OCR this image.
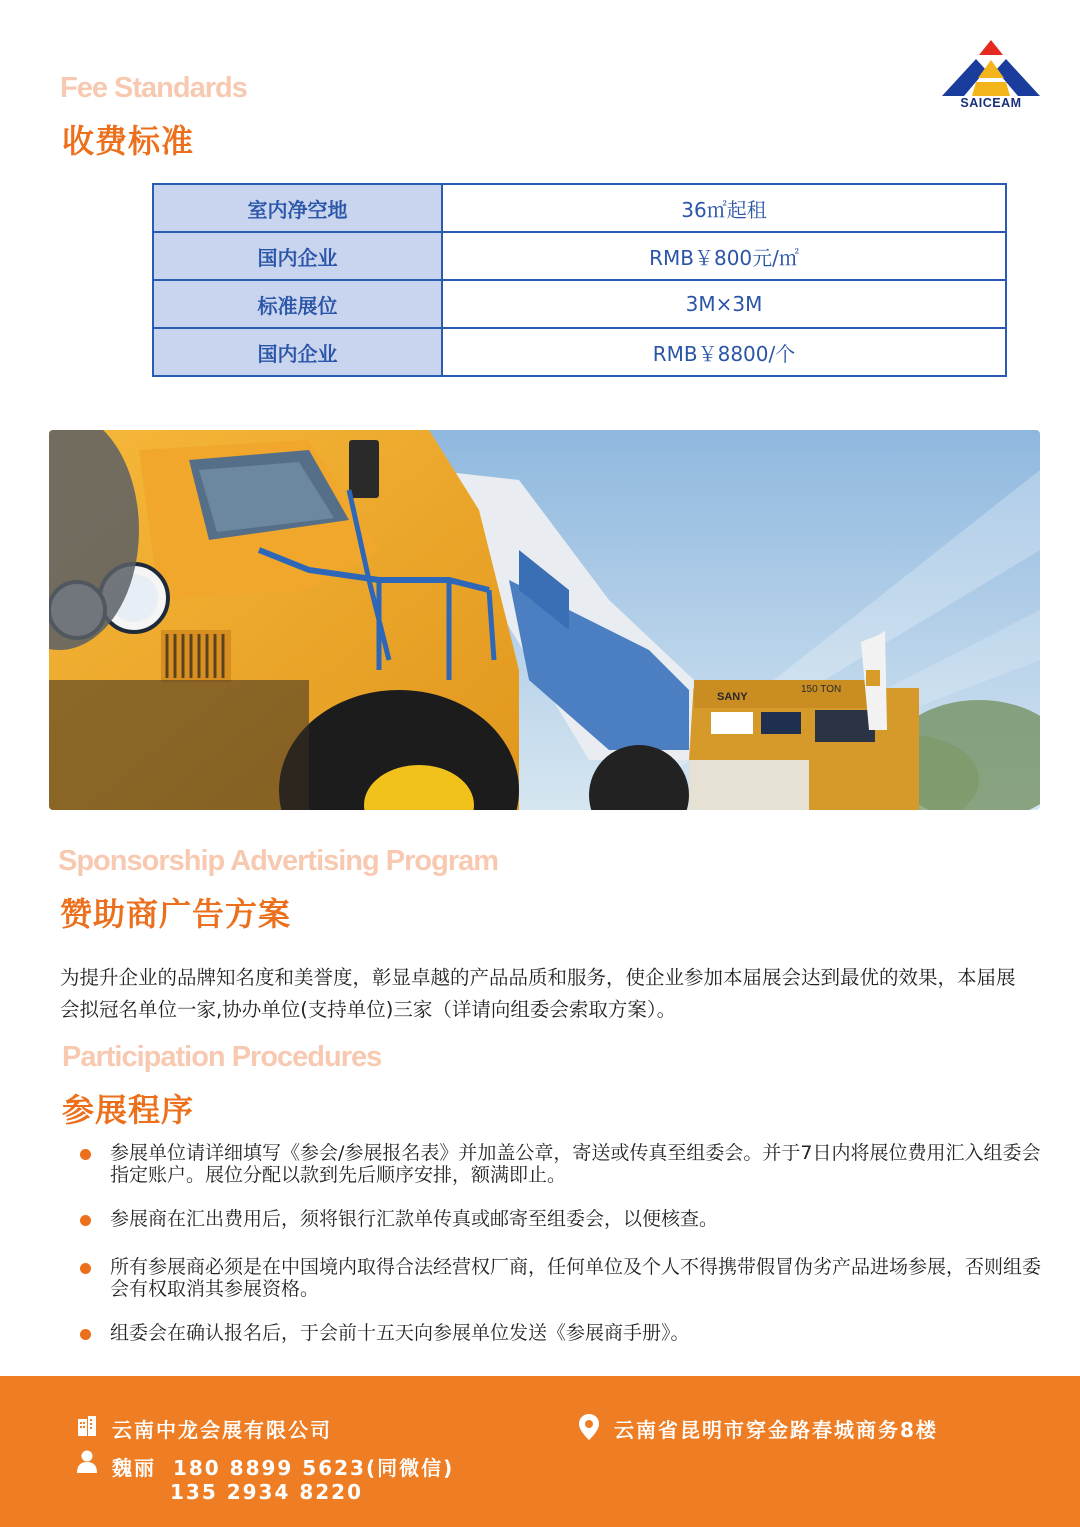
SAICEAM
Fee Standards
收费标准
室内净空地	36㎡起租
国内企业	RMB￥800元/㎡
标准展位	3M×3M
国内企业	RMB￥8800/个
SANY
150 TON
Sponsorship Advertising Program
赞助商广告方案

为提升企业的品牌知名度和美誉度，彰显卓越的产品品质和服务，使企业参加本届展会达到最优的效果，本届展会拟冠名单位一家,协办单位(支持单位)三家（详请向组委会索取方案）。

Participation Procedures
参展程序
参展单位请详细填写《参会/参展报名表》并加盖公章，寄送或传真至组委会。并于7日内将展位费用汇入组委会指定账户。展位分配以款到先后顺序安排，额满即止。
参展商在汇出费用后，须将银行汇款单传真或邮寄至组委会，以便核查。
所有参展商必须是在中国境内取得合法经营权厂商，任何单位及个人不得携带假冒伪劣产品进场参展，否则组委会有权取消其参展资格。
组委会在确认报名后，于会前十五天向参展单位发送《参展商手册》。
云南中龙会展有限公司
魏丽 180 8899 5623(同微信)
135 2934 8220
云南省昆明市穿金路春城商务8楼
